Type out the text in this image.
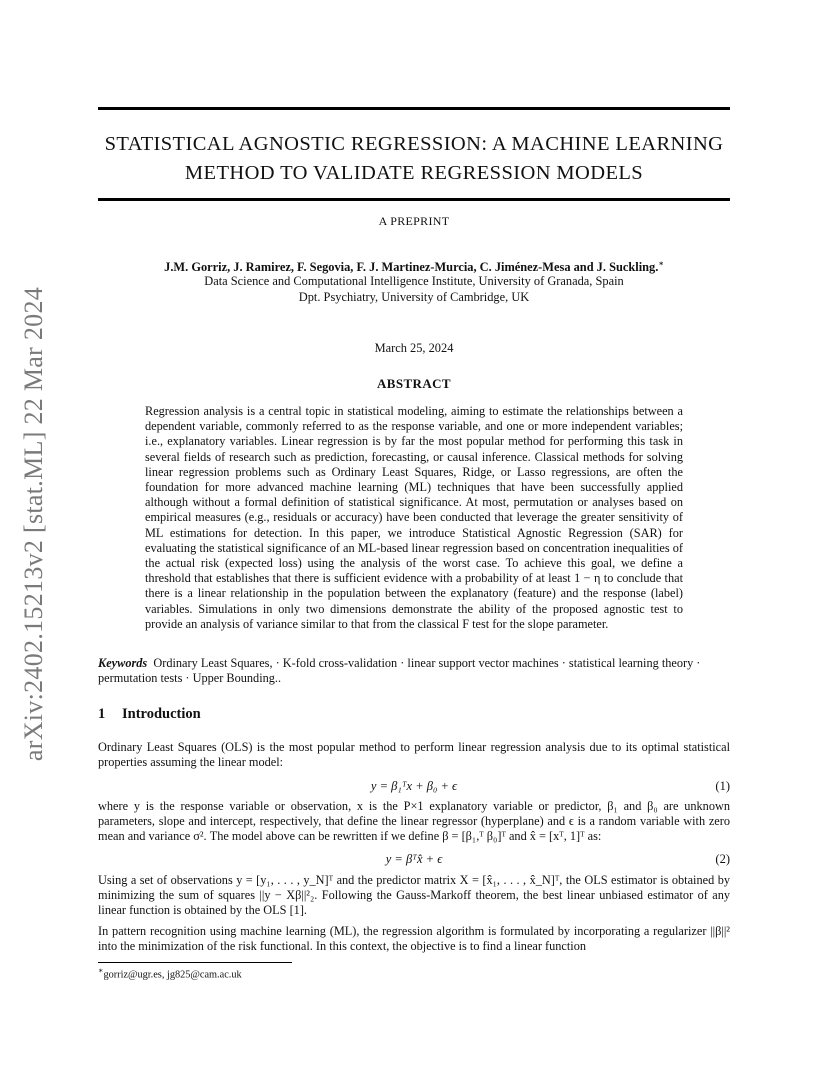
arXiv:2402.15213v2 [stat.ML] 22 Mar 2024
STATISTICAL AGNOSTIC REGRESSION: A MACHINE LEARNING
METHOD TO VALIDATE REGRESSION MODELS
A PREPRINT
J.M. Gorriz, J. Ramirez, F. Segovia, F. J. Martinez-Murcia, C. Jiménez-Mesa and J. Suckling.∗
Data Science and Computational Intelligence Institute, University of Granada, Spain
Dpt. Psychiatry, University of Cambridge, UK
March 25, 2024
ABSTRACT
Regression analysis is a central topic in statistical modeling, aiming to estimate the relationships between a dependent variable, commonly referred to as the response variable, and one or more independent variables; i.e., explanatory variables. Linear regression is by far the most popular method for performing this task in several fields of research such as prediction, forecasting, or causal inference. Classical methods for solving linear regression problems such as Ordinary Least Squares, Ridge, or Lasso regressions, are often the foundation for more advanced machine learning (ML) techniques that have been successfully applied although without a formal definition of statistical significance. At most, permutation or analyses based on empirical measures (e.g., residuals or accuracy) have been conducted that leverage the greater sensitivity of ML estimations for detection. In this paper, we introduce Statistical Agnostic Regression (SAR) for evaluating the statistical significance of an ML-based linear regression based on concentration inequalities of the actual risk (expected loss) using the analysis of the worst case. To achieve this goal, we define a threshold that establishes that there is sufficient evidence with a probability of at least 1 − η to conclude that there is a linear relationship in the population between the explanatory (feature) and the response (label) variables. Simulations in only two dimensions demonstrate the ability of the proposed agnostic test to provide an analysis of variance similar to that from the classical F test for the slope parameter.
Keywords Ordinary Least Squares, · K-fold cross-validation · linear support vector machines · statistical learning theory · permutation tests · Upper Bounding..
1 Introduction
Ordinary Least Squares (OLS) is the most popular method to perform linear regression analysis due to its optimal statistical properties assuming the linear model:
y = β₁ᵀx + β₀ + ϵ	(1)
where y is the response variable or observation, x is the P×1 explanatory variable or predictor, β₁ and β₀ are unknown parameters, slope and intercept, respectively, that define the linear regressor (hyperplane) and ϵ is a random variable with zero mean and variance σ². The model above can be rewritten if we define β = [β₁,ᵀ β₀]ᵀ and x̂ = [xᵀ, 1]ᵀ as:
y = βᵀx̂ + ϵ	(2)
Using a set of observations y = [y₁, . . . , y_N]ᵀ and the predictor matrix X = [x̂₁, . . . , x̂_N]ᵀ, the OLS estimator is obtained by minimizing the sum of squares ||y − Xβ||²₂. Following the Gauss-Markoff theorem, the best linear unbiased estimator of any linear function is obtained by the OLS [1].
In pattern recognition using machine learning (ML), the regression algorithm is formulated by incorporating a regularizer ||β||² into the minimization of the risk functional. In this context, the objective is to find a linear function
∗gorriz@ugr.es, jg825@cam.ac.uk
